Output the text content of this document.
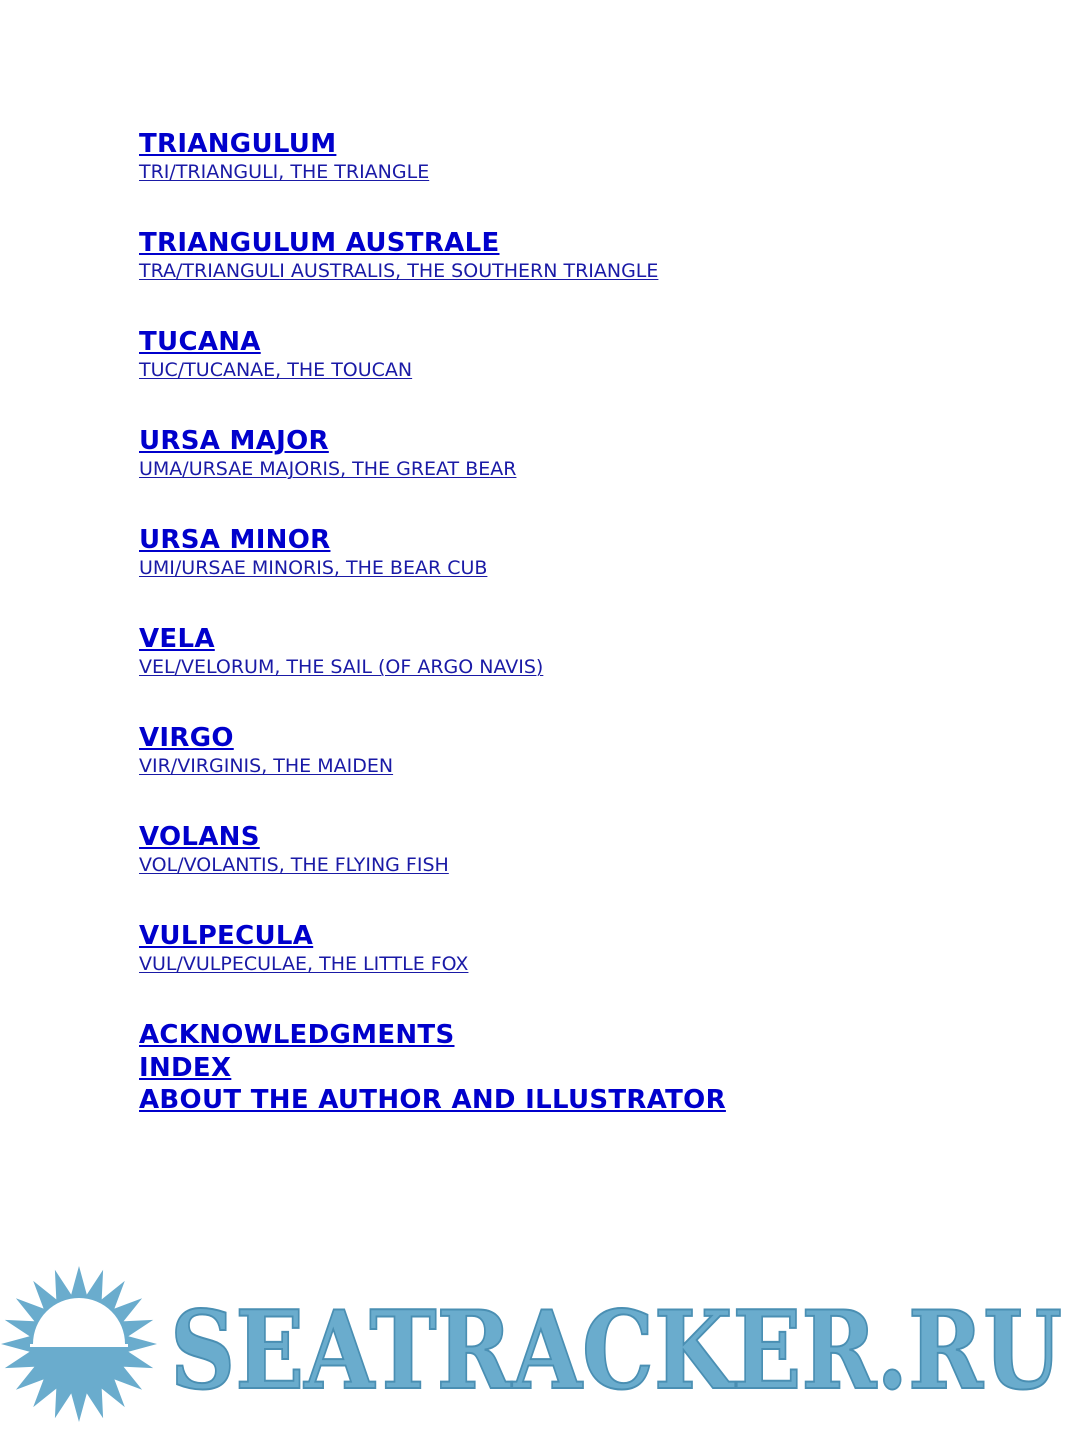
TRIANGULUM
TRI/TRIANGULI, THE TRIANGLE
TRIANGULUM AUSTRALE
TRA/TRIANGULI AUSTRALIS, THE SOUTHERN TRIANGLE
TUCANA
TUC/TUCANAE, THE TOUCAN
URSA MAJOR
UMA/URSAE MAJORIS, THE GREAT BEAR
URSA MINOR
UMI/URSAE MINORIS, THE BEAR CUB
VELA
VEL/VELORUM, THE SAIL (OF ARGO NAVIS)
VIRGO
VIR/VIRGINIS, THE MAIDEN
VOLANS
VOL/VOLANTIS, THE FLYING FISH
VULPECULA
VUL/VULPECULAE, THE LITTLE FOX
ACKNOWLEDGMENTS
INDEX
ABOUT THE AUTHOR AND ILLUSTRATOR
SEATRACKER.RU
